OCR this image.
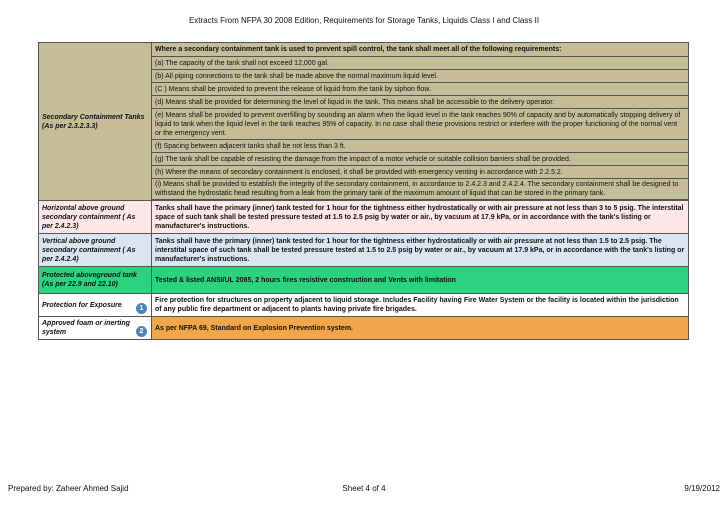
Extracts From NFPA 30 2008 Edition, Requirements for Storage Tanks, Liquids Class I and Class II
Secondary Containment Tanks (As per 2.3.2.3.3)	Where a secondary containment tank is used to prevent spill control, the tank shall meet all of the following requirements:
	(a) The capacity of the tank shall not exceed 12,000 gal.
	(b) All piping connections to the tank shall be made above the normal maximum liquid level.
	(C ) Means shall be provided to prevent the release of liquid from the tank by siphon flow.
	(d) Means shall be provided for determining the level of liquid in the tank. This means shall be accessible to the delivery operator.
	(e) Means shall be provided to prevent overfilling by sounding an alarm when the liquid level in the tank reaches 90% of capacity and by automatically stopping delivery of liquid to tank when the liquid level in the tank reaches 95% of capacity. In no case shall these provisions restrict or interfere with the proper functioning of the normal vent or the emergency vent.
	(f) Spacing between adjacent tanks shall be not less than 3 ft.
	(g) The tank shall be capable of resisting the damage from the impact of a motor vehicle or suitable collision barriers shall be provided.
	(h) Where the means of secondary containment is enclosed, it shall be provided with emergency venting in accordance with 2.2.5.2.
	(i) Means shall be provided to establish the integrity of the secondary containment, in accordance to 2.4.2.3 and 2.4.2.4. The secondary containment shall be designed to withstand the hydrostatic head resulting from a leak from the primary tank of the maximum amount of liquid that can be stored in the primary tank.

Horizontal above ground secondary containment ( As per 2.4.2.3)	Tanks shall have the primary (inner) tank tested for 1 hour for the tightness either hydrostatically or with air pressure at not less than 3 to 5 psig. The interstital space of such tank shall be tested pressure tested at 1.5 to 2.5 psig by water or air., by vacuum at 17.9 kPa, or in accordance with the tank's listing or manufacturer's instructions.
Vertical above ground secondary containment ( As per 2.4.2.4)	Tanks shall have the primary (inner) tank tested for 1 hour for the tightness either hydrostatically or with air pressure at not less than 1.5 to 2.5 psig. The interstital space of such tank shall be tested pressure tested at 1.5 to 2.5 psig by water or air., by vacuum at 17.9 kPa, or in accordance with the tank's listing or manufacturer's instructions.
Protected aboveground tank (As per 22.9 and 22.10)	Tested & listed ANSI/UL 2085, 2 hours fires resistive construction and Vents with limitation
Protection for Exposure 1	Fire protection for structures on property adjacent to liquid storage. Includes Facility having Fire Water System or the facility is located within the jurisdiction of any public fire department or adjacent to plants having private fire brigades.
Approved foam or inerting system 2	As per NFPA 69, Standard on Explosion Prevention system.
Prepared by: Zaheer Ahmed Sajid	Sheet 4 of 4	9/19/2012
